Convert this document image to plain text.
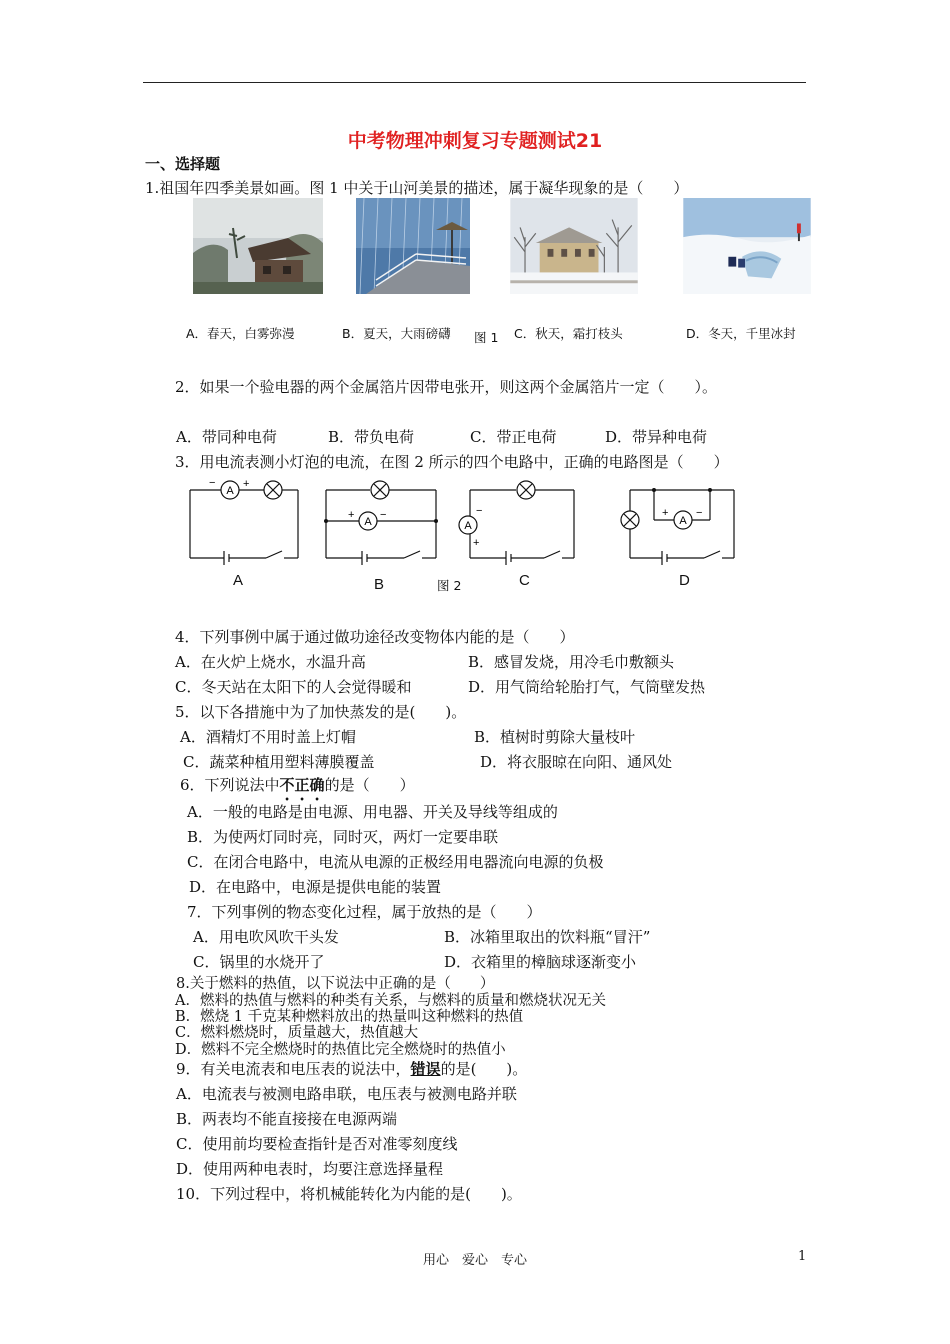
中考物理冲刺复习专题测试21
一、选择题
1.祖国年四季美景如画。图 1 中关于山河美景的描述，属于凝华现象的是（　　）
A．春天，白雾弥漫	B．夏天，大雨磅礴 图 1 C．秋天，霜打枝头	D．冬天，千里冰封
2．如果一个验电器的两个金属箔片因带电张开，则这两个金属箔片一定（　　）。
A．带同种电荷	B．带负电荷	C．带正电荷	D．带异种电荷
3．用电流表测小灯泡的电流，在图 2 所示的四个电路中，正确的电路图是（　　）
A
−	+
A
A
+ −
B	图 2
A
−
+
C
A
+	−
D
4．下列事例中属于通过做功途径改变物体内能的是（　　）
A．在火炉上烧水，水温升高	B．感冒发烧，用冷毛巾敷额头
C．冬天站在太阳下的人会觉得暖和	D．用气筒给轮胎打气，气筒壁发热
5．以下各措施中为了加快蒸发的是(　　)。
A．酒精灯不用时盖上灯帽	B．植树时剪除大量枝叶
C．蔬菜种植用塑料薄膜覆盖	D．将衣服晾在向阳、通风处
6．下列说法中不正确的是（　　）
A．一般的电路是由电源、用电器、开关及导线等组成的
B．为使两灯同时亮，同时灭，两灯一定要串联
C．在闭合电路中，电流从电源的正极经用电器流向电源的负极
D．在电路中，电源是提供电能的装置
7．下列事例的物态变化过程，属于放热的是（　　）
A．用电吹风吹干头发	B．冰箱里取出的饮料瓶“冒汗”
C．锅里的水烧开了	D．衣箱里的樟脑球逐渐变小
8.关于燃料的热值，以下说法中正确的是（　　）
A．燃料的热值与燃料的种类有关系，与燃料的质量和燃烧状况无关
B．燃烧 1 千克某种燃料放出的热量叫这种燃料的热值
C．燃料燃烧时，质量越大，热值越大
D．燃料不完全燃烧时的热值比完全燃烧时的热值小
9．有关电流表和电压表的说法中，错误的是(　　)。
A．电流表与被测电路串联，电压表与被测电路并联
B．两表均不能直接接在电源两端
C．使用前均要检查指针是否对准零刻度线
D．使用两种电表时，均要注意选择量程
10．下列过程中，将机械能转化为内能的是(　　)。
用心　爱心　专心	1
